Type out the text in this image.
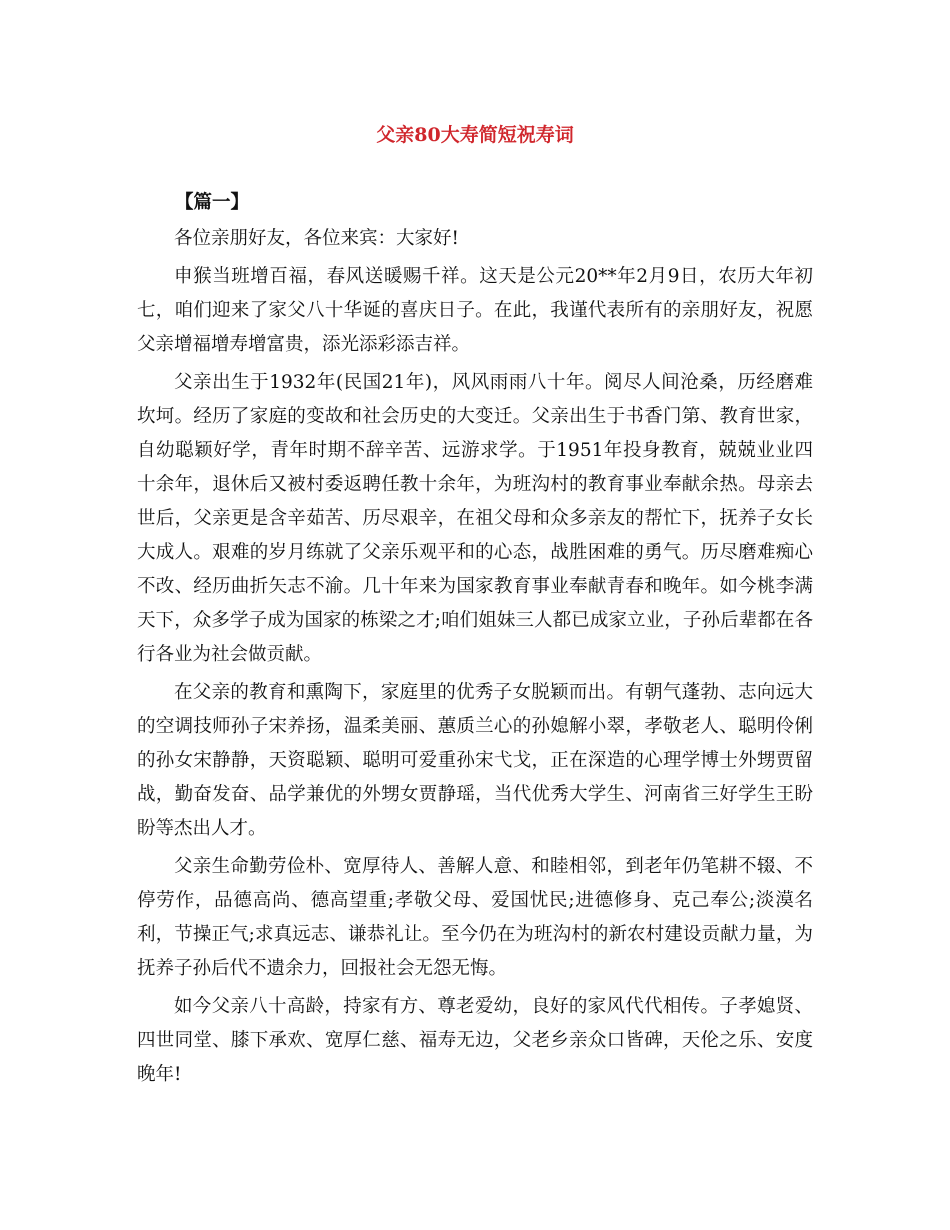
父亲80大寿简短祝寿词

【篇一】

各位亲朋好友，各位来宾：大家好!

申猴当班增百福，春风送暖赐千祥。这天是公元20**年2月9日，农历大年初七，咱们迎来了家父八十华诞的喜庆日子。在此，我谨代表所有的亲朋好友，祝愿父亲增福增寿增富贵，添光添彩添吉祥。

父亲出生于1932年(民国21年)，风风雨雨八十年。阅尽人间沧桑，历经磨难坎坷。经历了家庭的变故和社会历史的大变迁。父亲出生于书香门第、教育世家，自幼聪颖好学，青年时期不辞辛苦、远游求学。于1951年投身教育，兢兢业业四十余年，退休后又被村委返聘任教十余年，为班沟村的教育事业奉献余热。母亲去世后，父亲更是含辛茹苦、历尽艰辛，在祖父母和众多亲友的帮忙下，抚养子女长大成人。艰难的岁月练就了父亲乐观平和的心态，战胜困难的勇气。历尽磨难痴心不改、经历曲折矢志不渝。几十年来为国家教育事业奉献青春和晚年。如今桃李满天下，众多学子成为国家的栋梁之才;咱们姐妹三人都已成家立业，子孙后辈都在各行各业为社会做贡献。

在父亲的教育和熏陶下，家庭里的优秀子女脱颖而出。有朝气蓬勃、志向远大的空调技师孙子宋养扬，温柔美丽、蕙质兰心的孙媳解小翠，孝敬老人、聪明伶俐的孙女宋静静，天资聪颖、聪明可爱重孙宋弋戈，正在深造的心理学博士外甥贾留战，勤奋发奋、品学兼优的外甥女贾静瑶，当代优秀大学生、河南省三好学生王盼盼等杰出人才。

父亲生命勤劳俭朴、宽厚待人、善解人意、和睦相邻，到老年仍笔耕不辍、不停劳作，品德高尚、德高望重;孝敬父母、爱国忧民;进德修身、克己奉公;淡漠名利，节操正气;求真远志、谦恭礼让。至今仍在为班沟村的新农村建设贡献力量，为抚养子孙后代不遗余力，回报社会无怨无悔。

如今父亲八十高龄，持家有方、尊老爱幼，良好的家风代代相传。子孝媳贤、四世同堂、膝下承欢、宽厚仁慈、福寿无边，父老乡亲众口皆碑，天伦之乐、安度晚年!
